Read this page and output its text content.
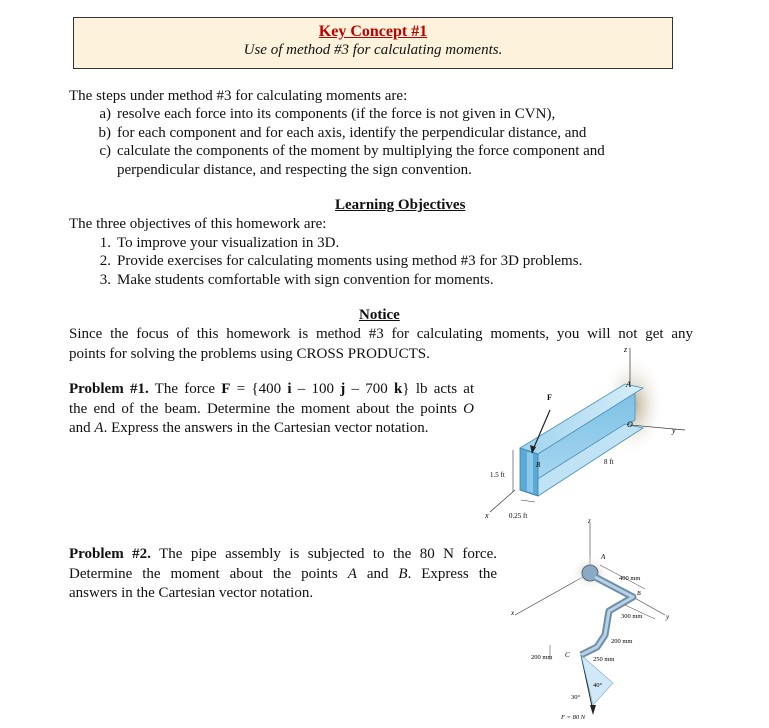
Key Concept #1
Use of method #3 for calculating moments.
The steps under method #3 for calculating moments are:
a) resolve each force into its components (if the force is not given in CVN),
b) for each component and for each axis, identify the perpendicular distance, and
c) calculate the components of the moment by multiplying the force component and
perpendicular distance, and respecting the sign convention.
Learning Objectives
The three objectives of this homework are:
1. To improve your visualization in 3D.
2. Provide exercises for calculating moments using method #3 for 3D problems.
3. Make students comfortable with sign convention for moments.
Notice
Since the focus of this homework is method #3 for calculating moments, you will not get any
points for solving the problems using CROSS PRODUCTS.
Problem #1. The force F = {400 i – 100 j – 700 k} lb acts at
the end of the beam. Determine the moment about the points O
and A. Express the answers in the Cartesian vector notation.
z
y
x
F
A
O
B	8 ft
1.5 ft
0.25 ft
Problem #2. The pipe assembly is subjected to the 80 N force.
Determine the moment about the points A and B. Express the
answers in the Cartesian vector notation.
z
x	y
A
B
C
400 mm
300 mm
200 mm
200 mm	250 mm
30°
40°
F = 80 N
